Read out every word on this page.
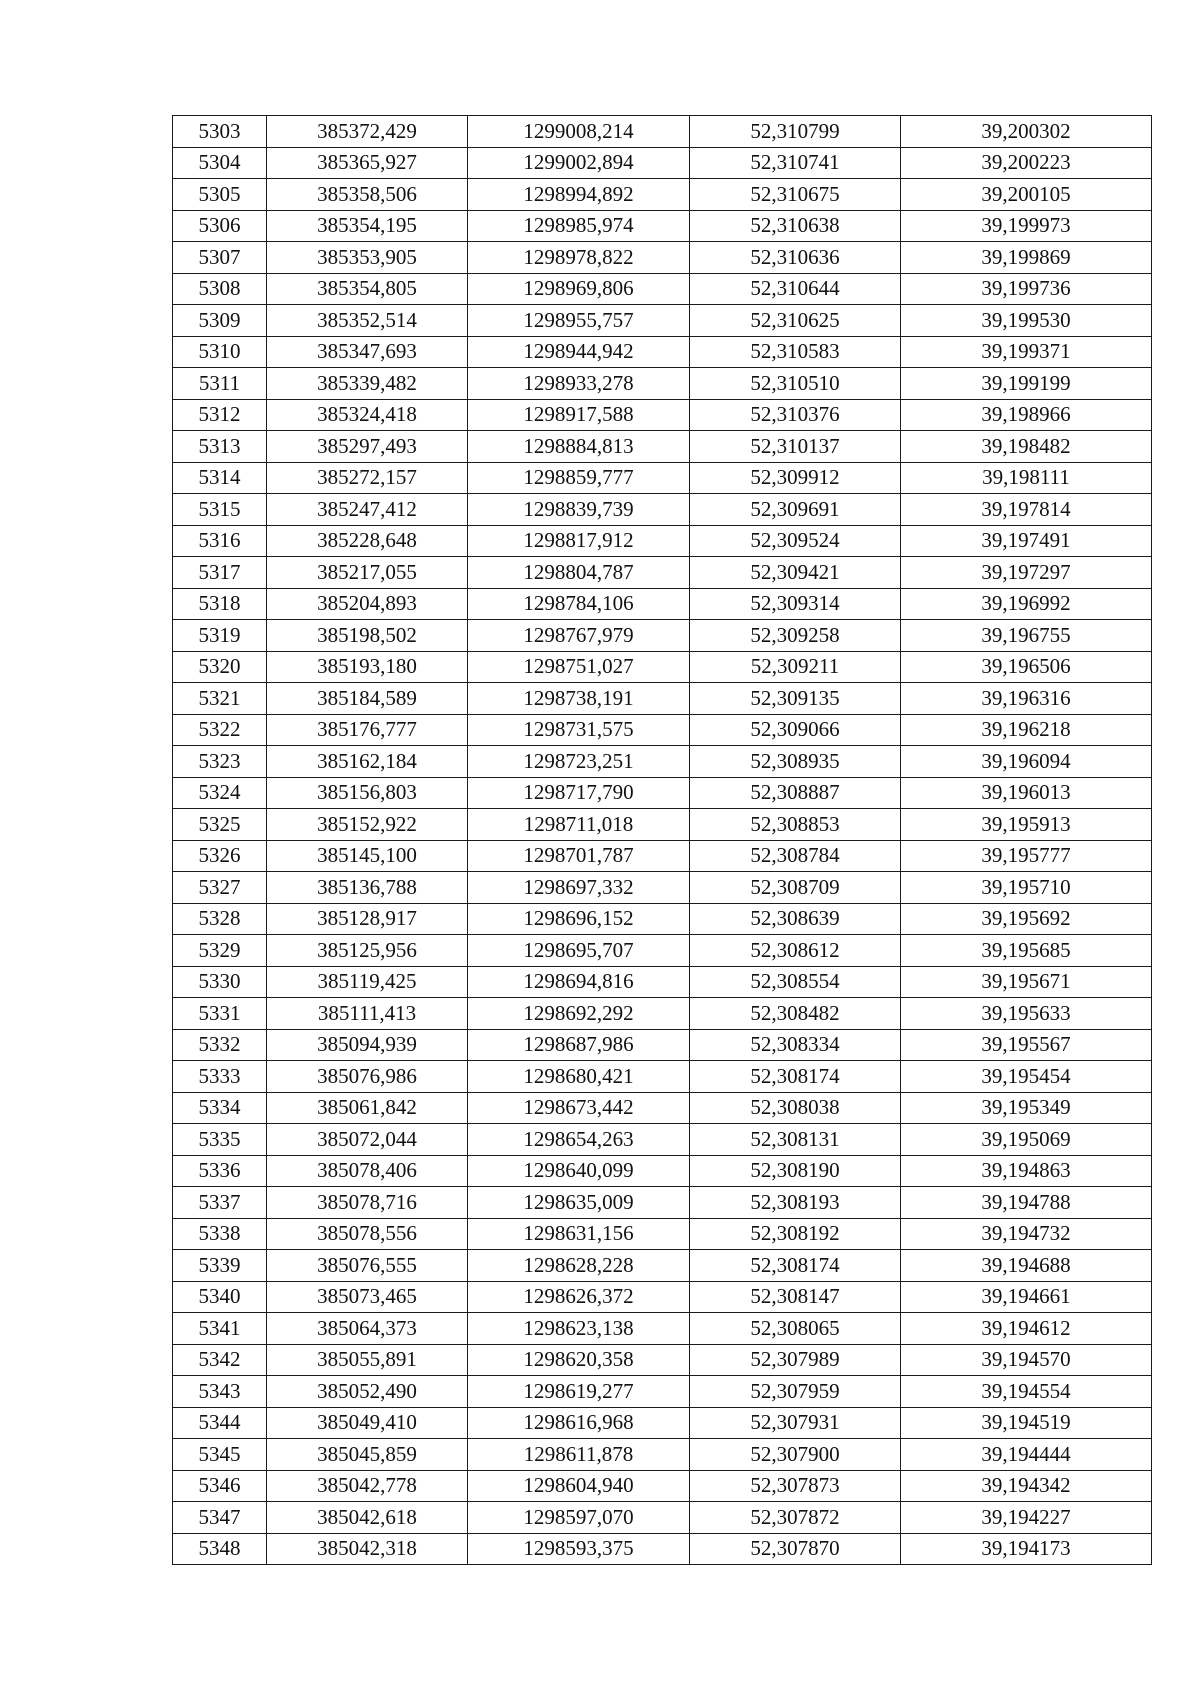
5303	385372,429	1299008,214	52,310799	39,200302
5304	385365,927	1299002,894	52,310741	39,200223
5305	385358,506	1298994,892	52,310675	39,200105
5306	385354,195	1298985,974	52,310638	39,199973
5307	385353,905	1298978,822	52,310636	39,199869
5308	385354,805	1298969,806	52,310644	39,199736
5309	385352,514	1298955,757	52,310625	39,199530
5310	385347,693	1298944,942	52,310583	39,199371
5311	385339,482	1298933,278	52,310510	39,199199
5312	385324,418	1298917,588	52,310376	39,198966
5313	385297,493	1298884,813	52,310137	39,198482
5314	385272,157	1298859,777	52,309912	39,198111
5315	385247,412	1298839,739	52,309691	39,197814
5316	385228,648	1298817,912	52,309524	39,197491
5317	385217,055	1298804,787	52,309421	39,197297
5318	385204,893	1298784,106	52,309314	39,196992
5319	385198,502	1298767,979	52,309258	39,196755
5320	385193,180	1298751,027	52,309211	39,196506
5321	385184,589	1298738,191	52,309135	39,196316
5322	385176,777	1298731,575	52,309066	39,196218
5323	385162,184	1298723,251	52,308935	39,196094
5324	385156,803	1298717,790	52,308887	39,196013
5325	385152,922	1298711,018	52,308853	39,195913
5326	385145,100	1298701,787	52,308784	39,195777
5327	385136,788	1298697,332	52,308709	39,195710
5328	385128,917	1298696,152	52,308639	39,195692
5329	385125,956	1298695,707	52,308612	39,195685
5330	385119,425	1298694,816	52,308554	39,195671
5331	385111,413	1298692,292	52,308482	39,195633
5332	385094,939	1298687,986	52,308334	39,195567
5333	385076,986	1298680,421	52,308174	39,195454
5334	385061,842	1298673,442	52,308038	39,195349
5335	385072,044	1298654,263	52,308131	39,195069
5336	385078,406	1298640,099	52,308190	39,194863
5337	385078,716	1298635,009	52,308193	39,194788
5338	385078,556	1298631,156	52,308192	39,194732
5339	385076,555	1298628,228	52,308174	39,194688
5340	385073,465	1298626,372	52,308147	39,194661
5341	385064,373	1298623,138	52,308065	39,194612
5342	385055,891	1298620,358	52,307989	39,194570
5343	385052,490	1298619,277	52,307959	39,194554
5344	385049,410	1298616,968	52,307931	39,194519
5345	385045,859	1298611,878	52,307900	39,194444
5346	385042,778	1298604,940	52,307873	39,194342
5347	385042,618	1298597,070	52,307872	39,194227
5348	385042,318	1298593,375	52,307870	39,194173
